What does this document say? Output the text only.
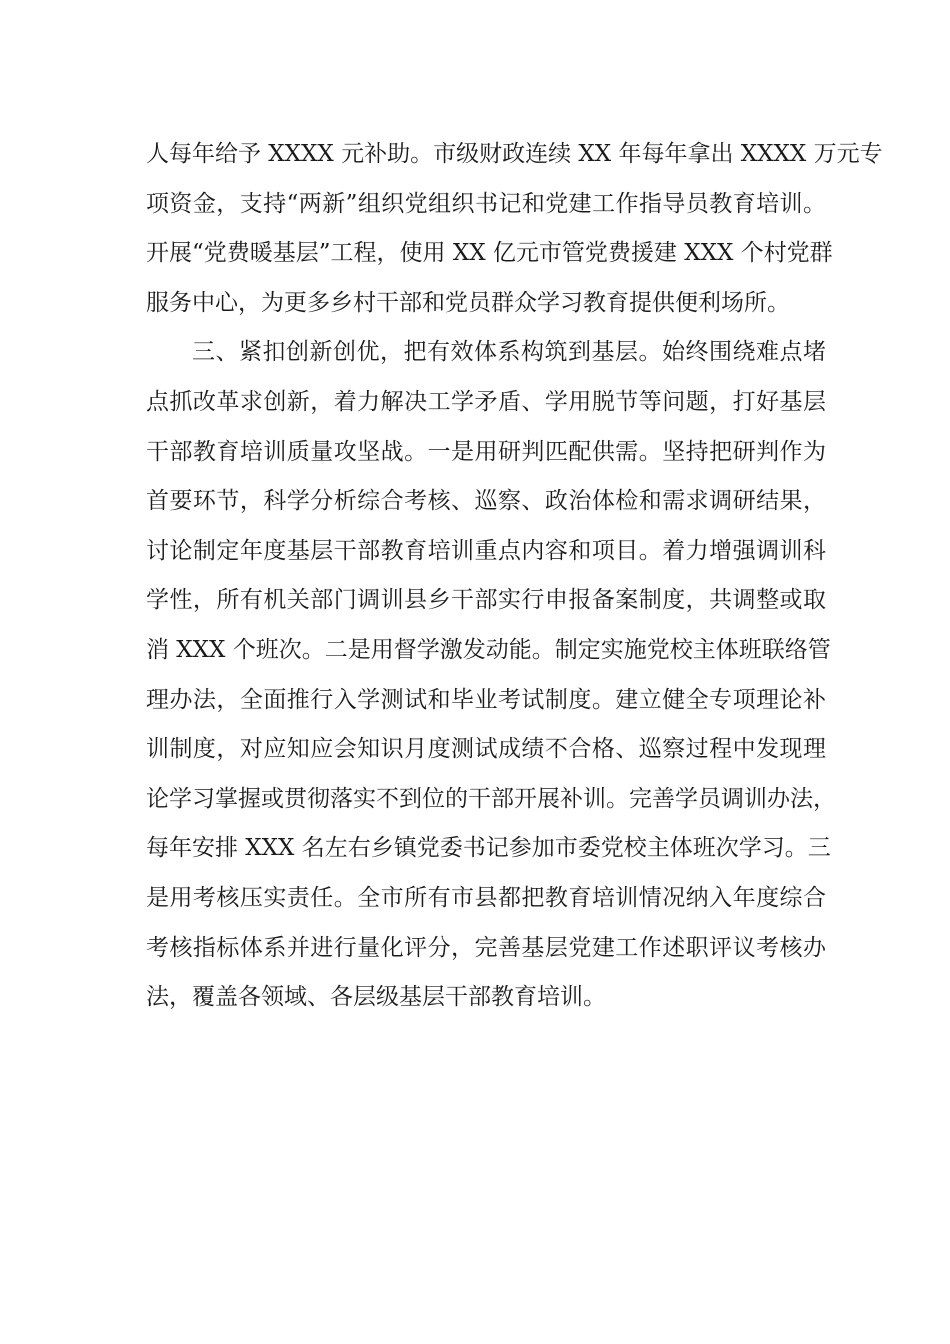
人每年给予 XXXX 元补助。市级财政连续 XX 年每年拿出 XXXX 万元专
项资金，支持“两新”组织党组织书记和党建工作指导员教育培训。
开展“党费暖基层”工程，使用 XX 亿元市管党费援建 XXX 个村党群
服务中心，为更多乡村干部和党员群众学习教育提供便利场所。
三、紧扣创新创优，把有效体系构筑到基层。始终围绕难点堵
点抓改革求创新，着力解决工学矛盾、学用脱节等问题，打好基层
干部教育培训质量攻坚战。一是用研判匹配供需。坚持把研判作为
首要环节，科学分析综合考核、巡察、政治体检和需求调研结果，
讨论制定年度基层干部教育培训重点内容和项目。着力增强调训科
学性，所有机关部门调训县乡干部实行申报备案制度，共调整或取
消 XXX 个班次。二是用督学激发动能。制定实施党校主体班联络管
理办法，全面推行入学测试和毕业考试制度。建立健全专项理论补
训制度，对应知应会知识月度测试成绩不合格、巡察过程中发现理
论学习掌握或贯彻落实不到位的干部开展补训。完善学员调训办法，
每年安排 XXX 名左右乡镇党委书记参加市委党校主体班次学习。三
是用考核压实责任。全市所有市县都把教育培训情况纳入年度综合
考核指标体系并进行量化评分，完善基层党建工作述职评议考核办
法，覆盖各领域、各层级基层干部教育培训。
